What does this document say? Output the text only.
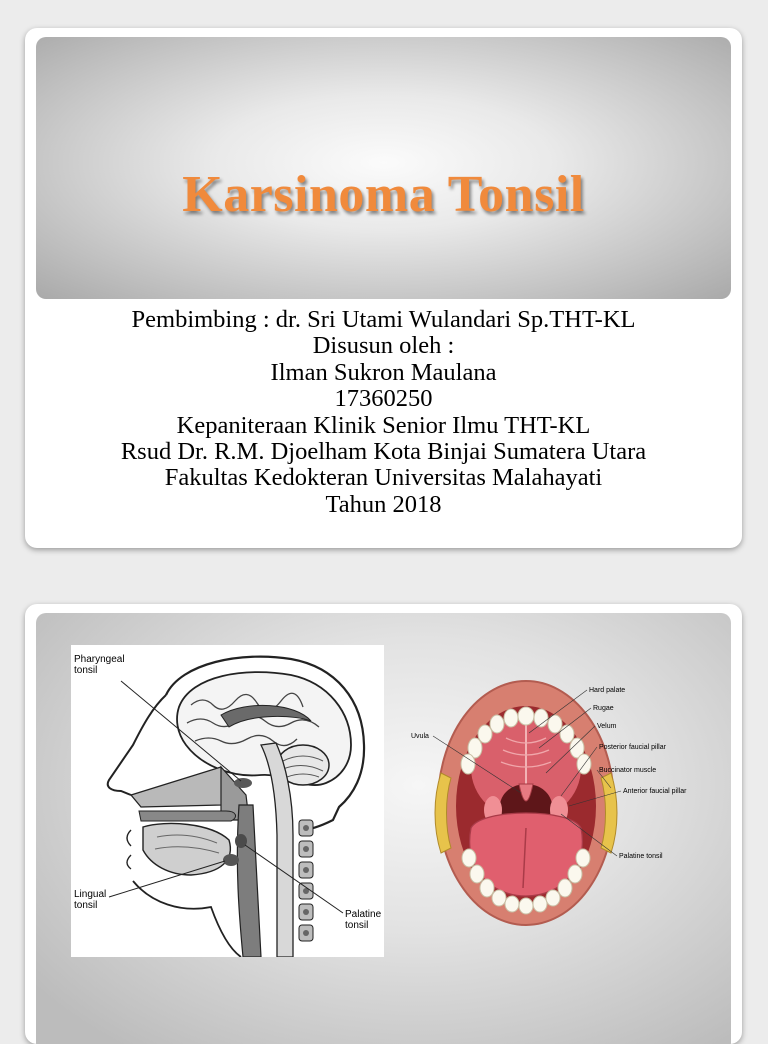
Karsinoma Tonsil
Pembimbing : dr. Sri Utami Wulandari Sp.THT-KL
Disusun oleh :
Ilman Sukron Maulana
17360250
Kepaniteraan Klinik Senior Ilmu THT-KL
Rsud Dr. R.M. Djoelham Kota Binjai Sumatera Utara
Fakultas Kedokteran Universitas Malahayati
Tahun 2018
Pharyngeal tonsil
Lingual tonsil
Palatine tonsil
Uvula
Hard palate
Rugae
Velum
Posterior faucial pillar
Buccinator muscle
Anterior faucial pillar
Palatine tonsil
